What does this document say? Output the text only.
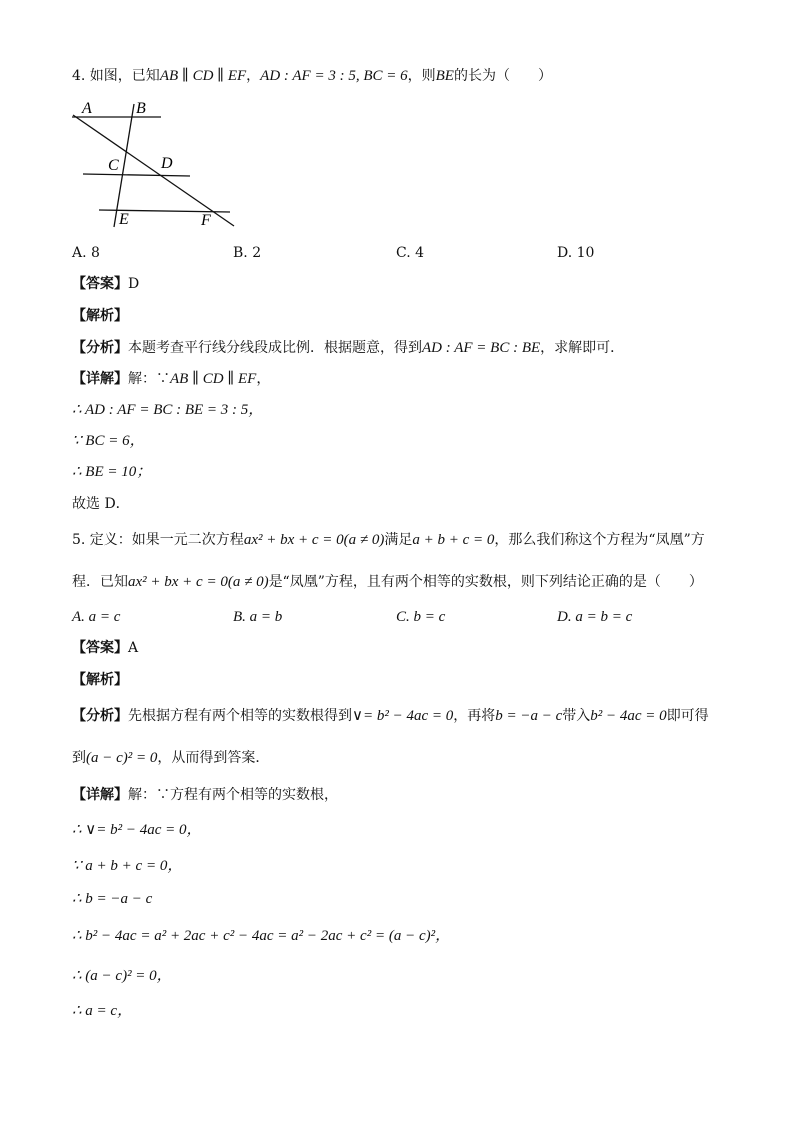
4. 如图，已知AB ∥ CD ∥ EF，AD : AF = 3 : 5, BC = 6，则BE的长为（　　）
A	B
C	D
E	F
A. 8	B. 2	C. 4	D. 10
【答案】D
【解析】
【分析】本题考查平行线分线段成比例．根据题意，得到AD : AF = BC : BE，求解即可．
【详解】解：∵AB ∥ CD ∥ EF，
∴ AD : AF = BC : BE = 3 : 5，
∵ BC = 6，
∴ BE = 10；
故选 D．
5. 定义：如果一元二次方程ax² + bx + c = 0(a ≠ 0)满足a + b + c = 0，那么我们称这个方程为“凤凰”方
程．已知ax² + bx + c = 0(a ≠ 0)是“凤凰”方程，且有两个相等的实数根，则下列结论正确的是（　　）
A. a = c	B. a = b	C. b = c	D. a = b = c
【答案】A
【解析】
【分析】先根据方程有两个相等的实数根得到∨= b² − 4ac = 0，再将b = −a − c带入b² − 4ac = 0即可得
到(a − c)² = 0，从而得到答案．
【详解】解：∵方程有两个相等的实数根，
∴ ∨= b² − 4ac = 0，
∵ a + b + c = 0，
∴ b = −a − c
∴ b² − 4ac = a² + 2ac + c² − 4ac = a² − 2ac + c² = (a − c)²，
∴ (a − c)² = 0，
∴ a = c，
